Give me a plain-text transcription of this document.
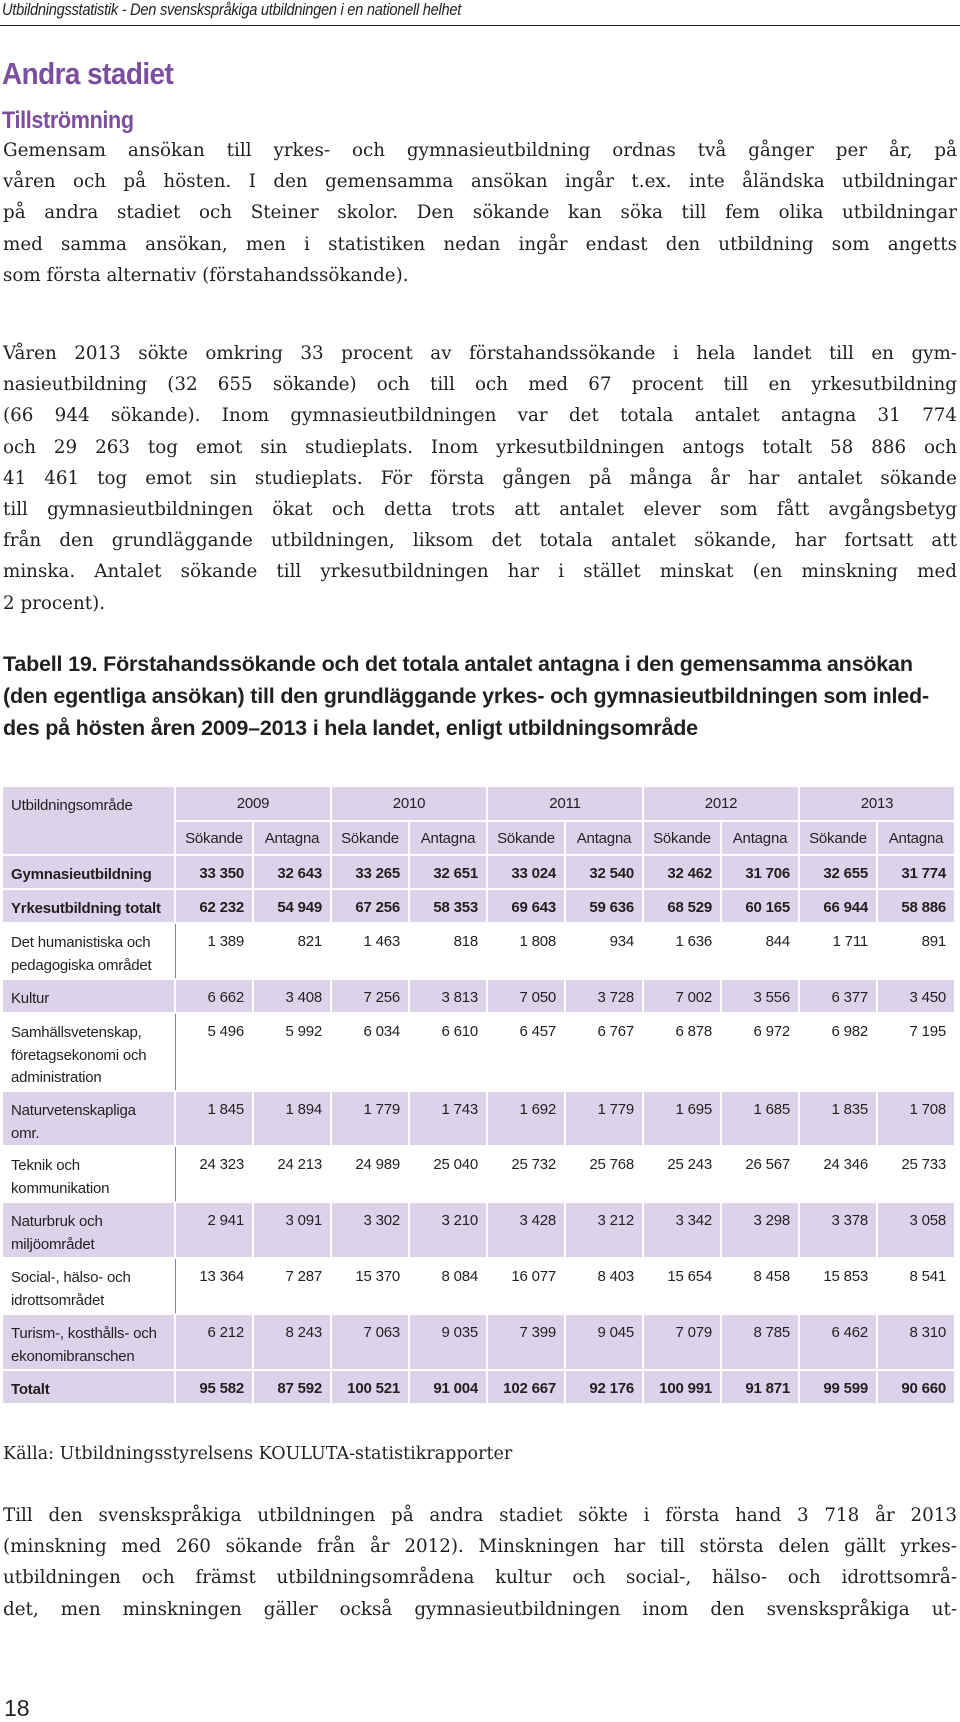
Utbildningsstatistik - Den svenskspråkiga utbildningen i en nationell helhet
Andra stadiet
Tillströmning
Gemensam ansökan till yrkes- och gymnasieutbildning ordnas två gånger per år, på
våren och på hösten. I den gemensamma ansökan ingår t.ex. inte åländska utbildningar
på andra stadiet och Steiner skolor. Den sökande kan söka till fem olika utbildningar
med samma ansökan, men i statistiken nedan ingår endast den utbildning som angetts
som första alternativ (förstahandssökande).
Våren 2013 sökte omkring 33 procent av förstahandssökande i hela landet till en gym-
nasieutbildning (32 655 sökande) och till och med 67 procent till en yrkesutbildning
(66 944 sökande). Inom gymnasieutbildningen var det totala antalet antagna 31 774
och 29 263 tog emot sin studieplats. Inom yrkesutbildningen antogs totalt 58 886 och
41 461 tog emot sin studieplats. För första gången på många år har antalet sökande
till gymnasieutbildningen ökat och detta trots att antalet elever som fått avgångsbetyg
från den grundläggande utbildningen, liksom det totala antalet sökande, har fortsatt att
minska. Antalet sökande till yrkesutbildningen har i stället minskat (en minskning med
2 procent).
Tabell 19. Förstahandssökande och det totala antalet antagna i den gemensamma ansökan
(den egentliga ansökan) till den grundläggande yrkes- och gymnasieutbildningen som inled-
des på hösten åren 2009–2013 i hela landet, enligt utbildningsområde
Utbildningsområde	2009		2010		2011		2012		2013	
	Sökande	Antagna	Sökande	Antagna	Sökande	Antagna	Sökande	Antagna	Sökande	Antagna

Gymnasieutbildning	33 350	32 643	33 265	32 651	33 024	32 540	32 462	31 706	32 655	31 774

Yrkesutbildning totalt	62 232	54 949	67 256	58 353	69 643	59 636	68 529	60 165	66 944	58 886

Det humanistiska och
pedagogiska området	1 389	821	1 463	818	1 808	934	1 636	844	1 711	891

Kultur	6 662	3 408	7 256	3 813	7 050	3 728	7 002	3 556	6 377	3 450

Samhällsvetenskap,
företagsekonomi och
administration	5 496	5 992	6 034	6 610	6 457	6 767	6 878	6 972	6 982	7 195

Naturvetenskapliga omr.	1 845	1 894	1 779	1 743	1 692	1 779	1 695	1 685	1 835	1 708

Teknik och
kommunikation	24 323	24 213	24 989	25 040	25 732	25 768	25 243	26 567	24 346	25 733

Naturbruk och
miljöområdet	2 941	3 091	3 302	3 210	3 428	3 212	3 342	3 298	3 378	3 058

Social-, hälso- och
idrottsområdet	13 364	7 287	15 370	8 084	16 077	8 403	15 654	8 458	15 853	8 541

Turism-, kosthålls- och
ekonomibranschen	6 212	8 243	7 063	9 035	7 399	9 045	7 079	8 785	6 462	8 310

Totalt	95 582	87 592	100 521	91 004	102 667	92 176	100 991	91 871	99 599	90 660
Källa: Utbildningsstyrelsens KOULUTA-statistikrapporter
Till den svenskspråkiga utbildningen på andra stadiet sökte i första hand 3 718 år 2013
(minskning med 260 sökande från år 2012). Minskningen har till största delen gällt yrkes-
utbildningen och främst utbildningsområdena kultur och social-, hälso- och idrottsområ-
det, men minskningen gäller också gymnasieutbildningen inom den svenskspråkiga ut-
18
